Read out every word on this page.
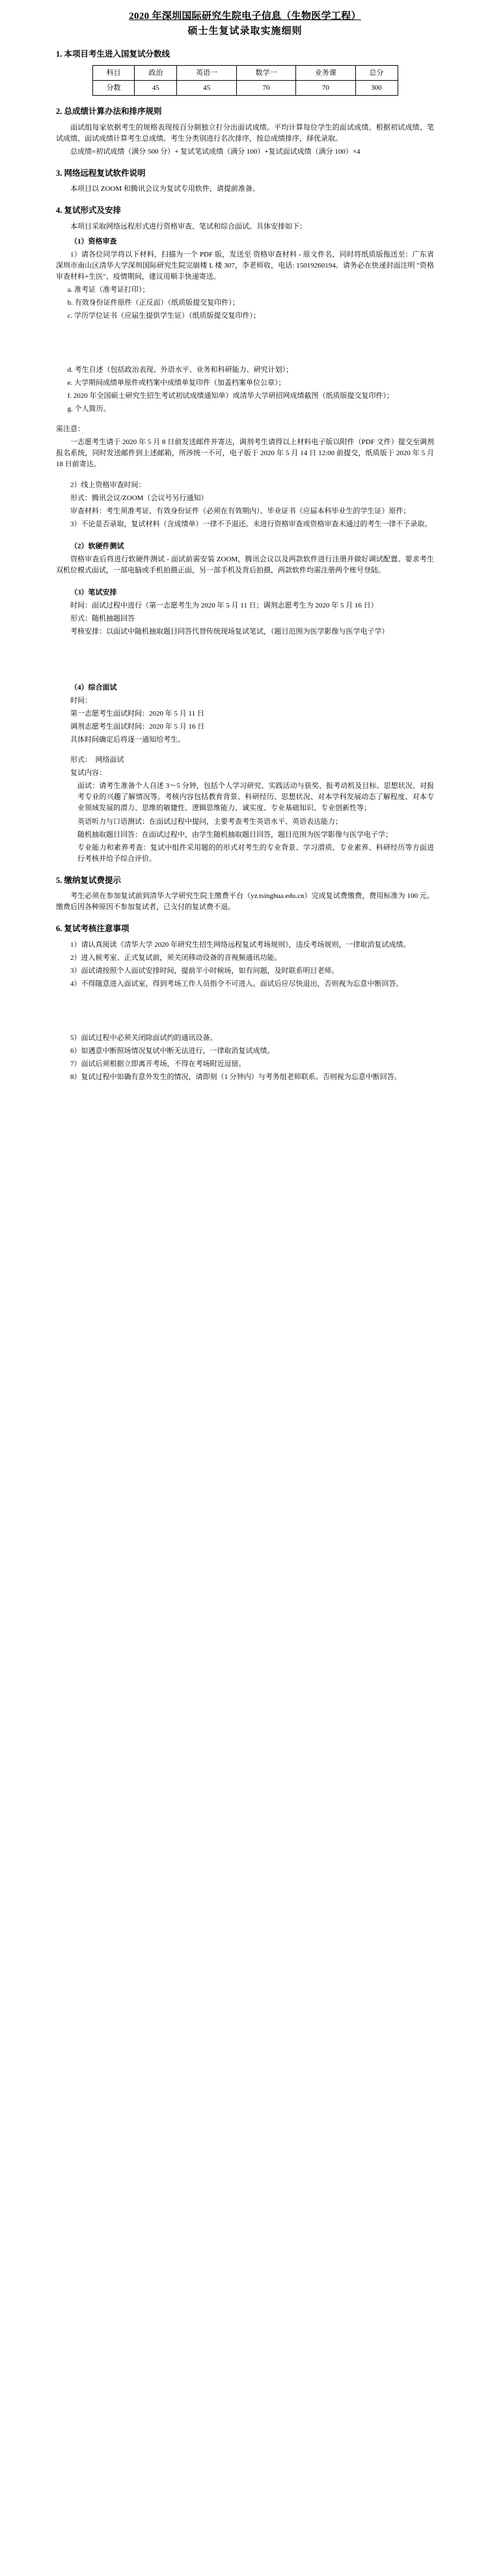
2020 年深圳国际研究生院电子信息（生物医学工程）
硕士生复试录取实施细则
1. 本项目考生进入国复试分数线
科目	政治	英语一	数学一	业务课	总分
分数	45	45	70	70	300
2. 总成绩计算办法和排序规则

面试组每家依据考生的规格表现按百分制独立打分出面试成绩。平均计算每位学生的面试成绩、根据初试成绩、笔试成绩、面试成绩计算考生总成绩。考生分类别进行名次排序，按总成绩排序，择优录取。

总成绩=初试成绩（满分 500 分）+ 复试笔试成绩（满分 100）+复试面试成绩（满分 100）×4

3. 网络远程复试软件说明

本项目以 ZOOM 和腾讯会议为复试专用软件，请提前准备。

4. 复试形式及安排

本项目采取网络远程形式进行资格审查、笔试和综合面试。具体安排如下：

（1）资格审查

1）请各位同学将以下材料，扫描为一个 PDF 版，发送至 资格审查材料 - 原文件名，同时将纸质版拖送至：广东省深圳市南山区清华大学深圳国际研究生院完崩楼 L 楼 307，李老师收，电话: 15019260194。请务必在快递封面注明 "资格审查材料+生医"、疫情期间，建议用顺丰快递寄送。

a. 准考证（准考证打印）；

b. 有效身份证件原件（正反面）（纸质版提交复印件）；

c. 学历学位证书（应届生提供学生证）（纸质版提交复印件）；

d. 考生自述（包括政治表现、外语水平、业务和科研能力、研究计划）；

e. 大学期间成绩单原件或档案中成绩单复印件（加盖档案单位公章）；

f. 2020 年全国硕士研究生招生考试初试成绩通知单）或清华大学研招网成绩截图（纸质版提交复印件）；

g. 个人简历。

需注意：

一志愿考生请于 2020 年 5 月 8 日前发送邮件并寄达，调剂考生请得以上材料电子版以附件（PDF 文件）提交至调剂报名系统，同时发送邮件到上述邮箱，所涉统一不可，电子版于 2020 年 5 月 14 日 12:00 前提交，纸质版于 2020 年 5 月 18 日前寄达。

2）线上资格审查时间：

形式：腾讯会议/ZOOM（会议号另行通知）

审查材料：考生须准考证、有效身份证件（必须在有效期内）、毕业证书（应届本科毕业生的学生证）原件；

3）不论是否录取，复试材料（含成绩单）一律不予退还。未进行资格审查或资格审查未通过的考生一律不予录取。

（2）软硬件测试

资格审查后将进行软硬件测试 - 面试前需安装 ZOOM，腾讯会议以及两款软件进行注册并做好调试配置。要求考生双机位模式面试，一部电脑或手机拍摄正面，另一部手机及背后拍摄，两款软件均需注册两个账号登陆。

（3）笔试安排

时间：面试过程中进行（第一志愿考生为 2020 年 5 月 11 日；调剂志愿考生为 2020 年 5 月 16 日）

形式：随机抽题回答

考核安排：以面试中随机抽取题目同答代替传统现场复试笔试，（题目范围为医学影像与医学电子学）

（4）综合面试

时间：

第一志愿考生面试时间：2020 年 5 月 11 日

调剂志愿考生面试时间：2020 年 5 月 16 日

具体时间确定后将逐一通知给考生。

形式：　网络面试

复试内容：

面试：请考生准备个人自述 3～5 分钟，包括个人学习研究、实践活动与获奖、报考动机及目标、思想状况、对报考专业的兴趣了解情况等。考核内容包括教育背景、科研经历、思想状况、对本学科发展动态了解程度、对本专业领域发展的潜力、思维的敏捷性、逻辑思维能力、诚实度、专业基础知识、专业创新性等；

英语听力与口语测试：在面试过程中提问，主要考查考生英语水平、英语表达能力；

随机抽取题目回答：在面试过程中，由学生随机抽取题目回答，题目范围为医学影像与医学电子学；

专业能力和素养考查：复试中组件采用题的的形式对考生的专业背景、学习潜质、专业素养、科研经历等方面进行考核并给予综合评价。

5. 缴纳复试费提示

考生必须在参加复试前到清华大学研究生院主缴费平台（yz.tsinghua.edu.cn）完成复试费缴费，费用标准为 100 元。缴费后因各种原因不参加复试者，已支付的复试费不退。

6. 复试考核注意事项

1）请认真阅读《清华大学 2020 年研究生招生网络远程复试考场规则》，违反考场规则，一律取消复试成绩。

2）进入候考室、正式复试前，须关闭移动设备的音视频通讯功能。

3）面试请按照个人面试安排时间，提前半小时候场，如有问题，及时联系明目老师。

4）不得随意进入面试室，得到考场工作人员指令不可进入。面试后应尽快退出，否则视为忘意中断回答。

5）面试过程中必须关闭除面试约的通讯设备。

6）如遇意中断照场情况复试中断无法进行，一律取消复试成绩。

7）面试后须根据立即离开考场，不得在考场附近逗留。

8）复试过程中如确有意外发生的情况，请即刻（1 分钟内）与考务组老师联系。否则视为忘意中断回答。
